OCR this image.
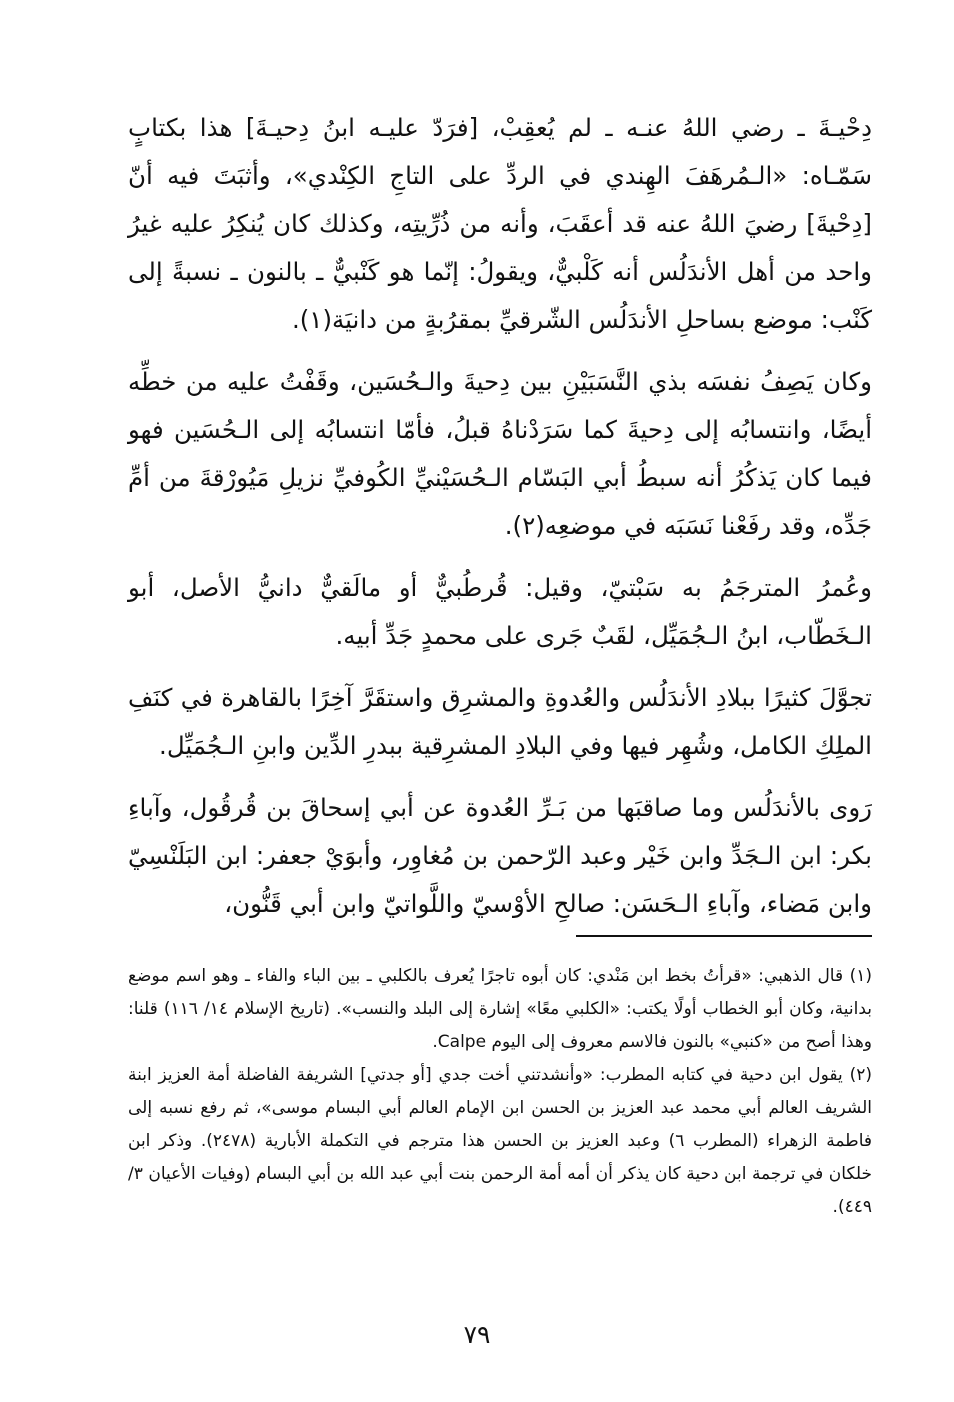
دِحْيـةَ ـ رضي اللهُ عنـه ـ لم يُعقِبْ، [فرَدّ عليـه ابنُ دِحيـةَ] هذا بكتابٍ سَمّـاه: «الـمُرهَفَ الهِندي في الردِّ على التاجِ الكِنْدي»، وأثبَتَ فيه أنّ [دِحْيةَ] رضيَ اللهُ عنه قد أعقَبَ، وأنه من ذُرِّيتِه، وكذلك كان يُنكِرُ عليه غيرُ واحد من أهل الأندَلُس أنه كَلْبيٌّ، ويقولُ: إنّما هو كَنْبيٌّ ـ بالنون ـ نسبةً إلى كَنْب: موضع بساحلِ الأندَلُس الشّرقيِّ بمقرُبةٍ من دانيَة(١).

وكان يَصِفُ نفسَه بذي النَّسَبَيْنِ بين دِحيةَ والـحُسَين، وقَفْتُ عليه من خطِّه أيضًا، وانتسابُه إلى دِحيةَ كما سَرَدْناهُ قبلُ، فأمّا انتسابُه إلى الـحُسَين فهو فيما كان يَذكُرُ أنه سبطُ أبي البَسّام الـحُسَيْنيِّ الكُوفيِّ نزيلِ مَيُورْقةَ من أمِّ جَدِّه، وقد رفَعْنا نَسَبَه في موضعِه(٢).

وعُمرُ المترجَمُ به سَبْتيّ، وقيل: قُرطُبيٌّ أو مالَقيٌّ دانيُّ الأصل، أبو الـخَطّاب، ابنُ الـجُمَيِّل، لقَبٌ جَرى على محمدٍ جَدِّ أبيه.

تجوَّلَ كثيرًا ببلادِ الأندَلُس والعُدوةِ والمشرِق واستقَرَّ آخِرًا بالقاهرة في كنَفِ الملِكِ الكامل، وشُهِر فيها وفي البلادِ المشرِقية ببدرِ الدِّين وابنِ الـجُمَيِّل.

رَوى بالأندَلُس وما صاقبَها من بَـرِّ العُدوة عن أبي إسحاقَ بن قُرقُول، وآباءِ بكر: ابن الـجَدِّ وابن خَيْر وعبد الرّحمن بن مُغاوِر، وأبوَيْ جعفر: ابن البَلَنْسِيّ وابن مَضاء، وآباءِ الـحَسَن: صالحِ الأوْسيّ واللَّواتيّ وابن أبي قَنُّون،

(١) قال الذهبي: «قرأتُ بخط ابن مَنْدي: كان أبوه تاجرًا يُعرف بالكلبي ـ بين الباء والفاء ـ وهو اسم موضع بدانية، وكان أبو الخطاب أولًا يكتب: «الكلبي معًا» إشارة إلى البلد والنسب». (تاريخ الإسلام ١٤/ ١١٦) قلنا: وهذا أصح من «كنبي» بالنون فالاسم معروف إلى اليوم Calpe.

(٢) يقول ابن دحية في كتابه المطرب: «وأنشدتني أخت جدي [أو جدتي] الشريفة الفاضلة أمة العزيز ابنة الشريف العالم أبي محمد عبد العزيز بن الحسن ابن الإمام العالم أبي البسام موسى»، ثم رفع نسبه إلى فاطمة الزهراء (المطرب ٦) وعبد العزيز بن الحسن هذا مترجم في التكملة الأبارية (٢٤٧٨). وذكر ابن خلكان في ترجمة ابن دحية كان يذكر أن أمه أمة الرحمن بنت أبي عبد الله بن أبي البسام (وفيات الأعيان ٣/ ٤٤٩).

٧٩
